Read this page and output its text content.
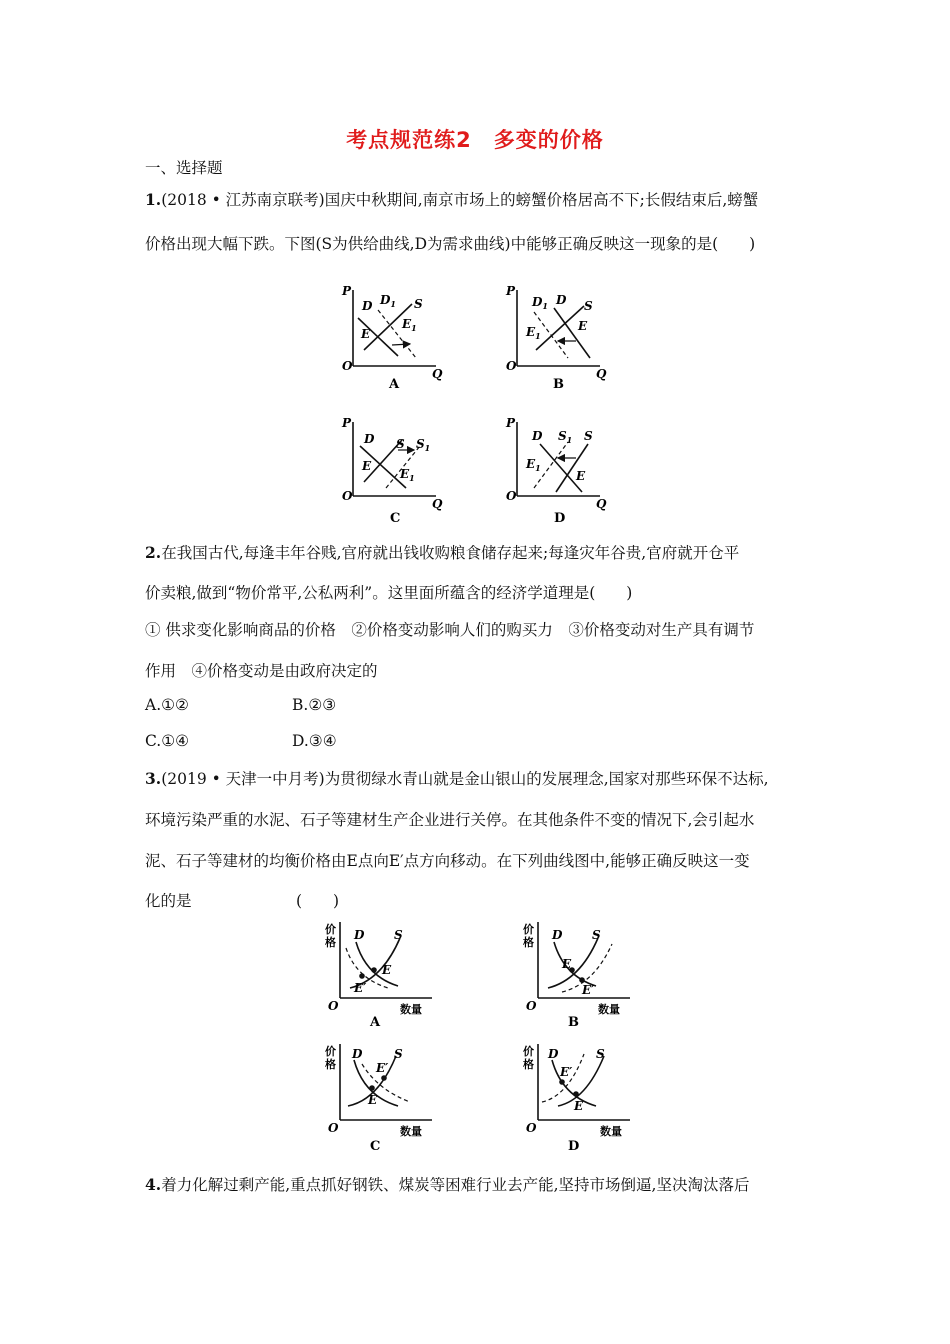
考点规范练2　多变的价格
一、选择题
1.(2018 • 江苏南京联考)国庆中秋期间,南京市场上的螃蟹价格居高不下;长假结束后,螃蟹
价格出现大幅下跌。下图(S为供给曲线,D为需求曲线)中能够正确反映这一现象的是(　　)
P
Q
O
D $D_1$ S
E
$E_1$
A
P
Q
O
$D_1$ D S
$E_1$
E
B
P
Q
O
D S $S_1$
E
$E_1$
C
P
Q
O
D $S_1$ S
$E_1$
E
D
2.在我国古代,每逢丰年谷贱,官府就出钱收购粮食储存起来;每逢灾年谷贵,官府就开仓平
价卖粮,做到“物价常平,公私两利”。这里面所蕴含的经济学道理是(　　)
① 供求变化影响商品的价格　②价格变动影响人们的购买力　③价格变动对生产具有调节
作用　④价格变动是由政府决定的
A.①②	B.②③
C.①④	D.③④
3.(2019 • 天津一中月考)为贯彻绿水青山就是金山银山的发展理念,国家对那些环保不达标,
环境污染严重的水泥、石子等建材生产企业进行关停。在其他条件不变的情况下,会引起水
泥、石子等建材的均衡价格由E点向E′点方向移动。在下列曲线图中,能够正确反映这一变
化的是	(　　)
价
格
数量
O
D S
E
E′
A
价
格
数量
O
D S
E
E′
B
价
格
数量
O
D	S
E
E′
C
价
格
数量
O
D	S
E
E′
D
4.着力化解过剩产能,重点抓好钢铁、煤炭等困难行业去产能,坚持市场倒逼,坚决淘汰落后
